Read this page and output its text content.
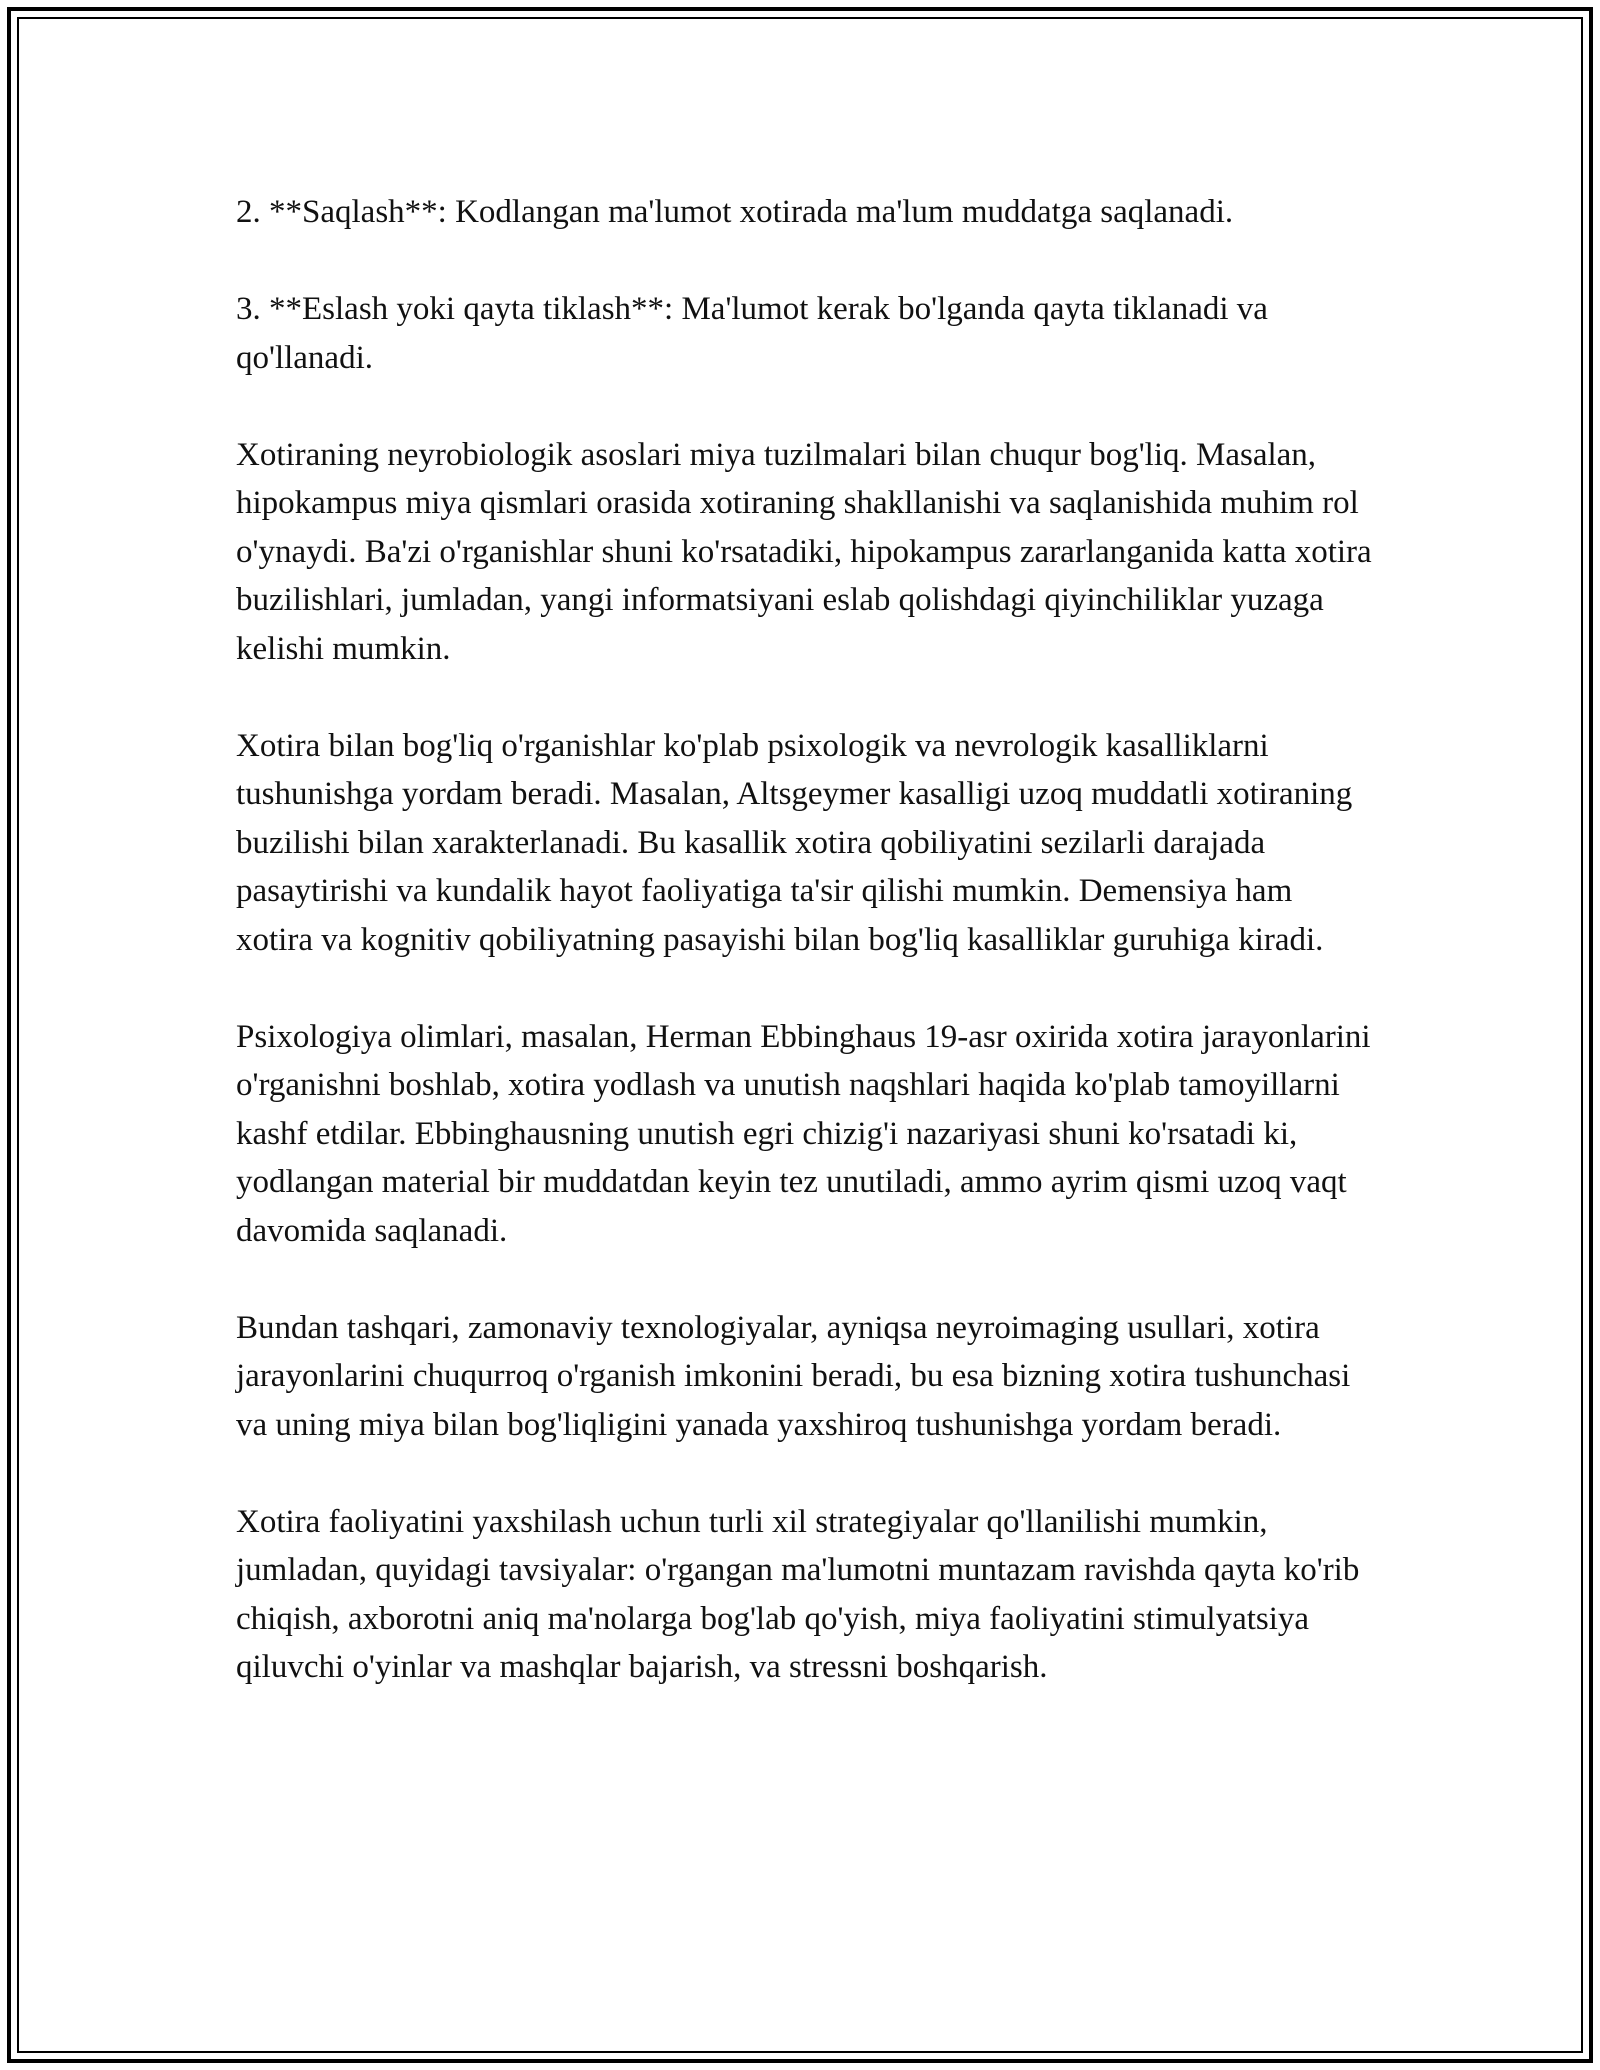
2. **Saqlash**: Kodlangan ma'lumot xotirada ma'lum muddatga saqlanadi.

3. **Eslash yoki qayta tiklash**: Ma'lumot kerak bo'lganda qayta tiklanadi va qo'llanadi.

Xotiraning neyrobiologik asoslari miya tuzilmalari bilan chuqur bog'liq. Masalan, hipokampus miya qismlari orasida xotiraning shakllanishi va saqlanishida muhim rol o'ynaydi. Ba'zi o'rganishlar shuni ko'rsatadiki, hipokampus zararlanganida katta xotira buzilishlari, jumladan, yangi informatsiyani eslab qolishdagi qiyinchiliklar yuzaga kelishi mumkin.

Xotira bilan bog'liq o'rganishlar ko'plab psixologik va nevrologik kasalliklarni tushunishga yordam beradi. Masalan, Altsgeymer kasalligi uzoq muddatli xotiraning buzilishi bilan xarakterlanadi. Bu kasallik xotira qobiliyatini sezilarli darajada pasaytirishi va kundalik hayot faoliyatiga ta'sir qilishi mumkin. Demensiya ham xotira va kognitiv qobiliyatning pasayishi bilan bog'liq kasalliklar guruhiga kiradi.

Psixologiya olimlari, masalan, Herman Ebbinghaus 19-asr oxirida xotira jarayonlarini o'rganishni boshlab, xotira yodlash va unutish naqshlari haqida ko'plab tamoyillarni kashf etdilar. Ebbinghausning unutish egri chizig'i nazariyasi shuni ko'rsatadi ki, yodlangan material bir muddatdan keyin tez unutiladi, ammo ayrim qismi uzoq vaqt davomida saqlanadi.

Bundan tashqari, zamonaviy texnologiyalar, ayniqsa neyroimaging usullari, xotira jarayonlarini chuqurroq o'rganish imkonini beradi, bu esa bizning xotira tushunchasi va uning miya bilan bog'liqligini yanada yaxshiroq tushunishga yordam beradi.

Xotira faoliyatini yaxshilash uchun turli xil strategiyalar qo'llanilishi mumkin, jumladan, quyidagi tavsiyalar: o'rgangan ma'lumotni muntazam ravishda qayta ko'rib chiqish, axborotni aniq ma'nolarga bog'lab qo'yish, miya faoliyatini stimulyatsiya qiluvchi o'yinlar va mashqlar bajarish, va stressni boshqarish.
